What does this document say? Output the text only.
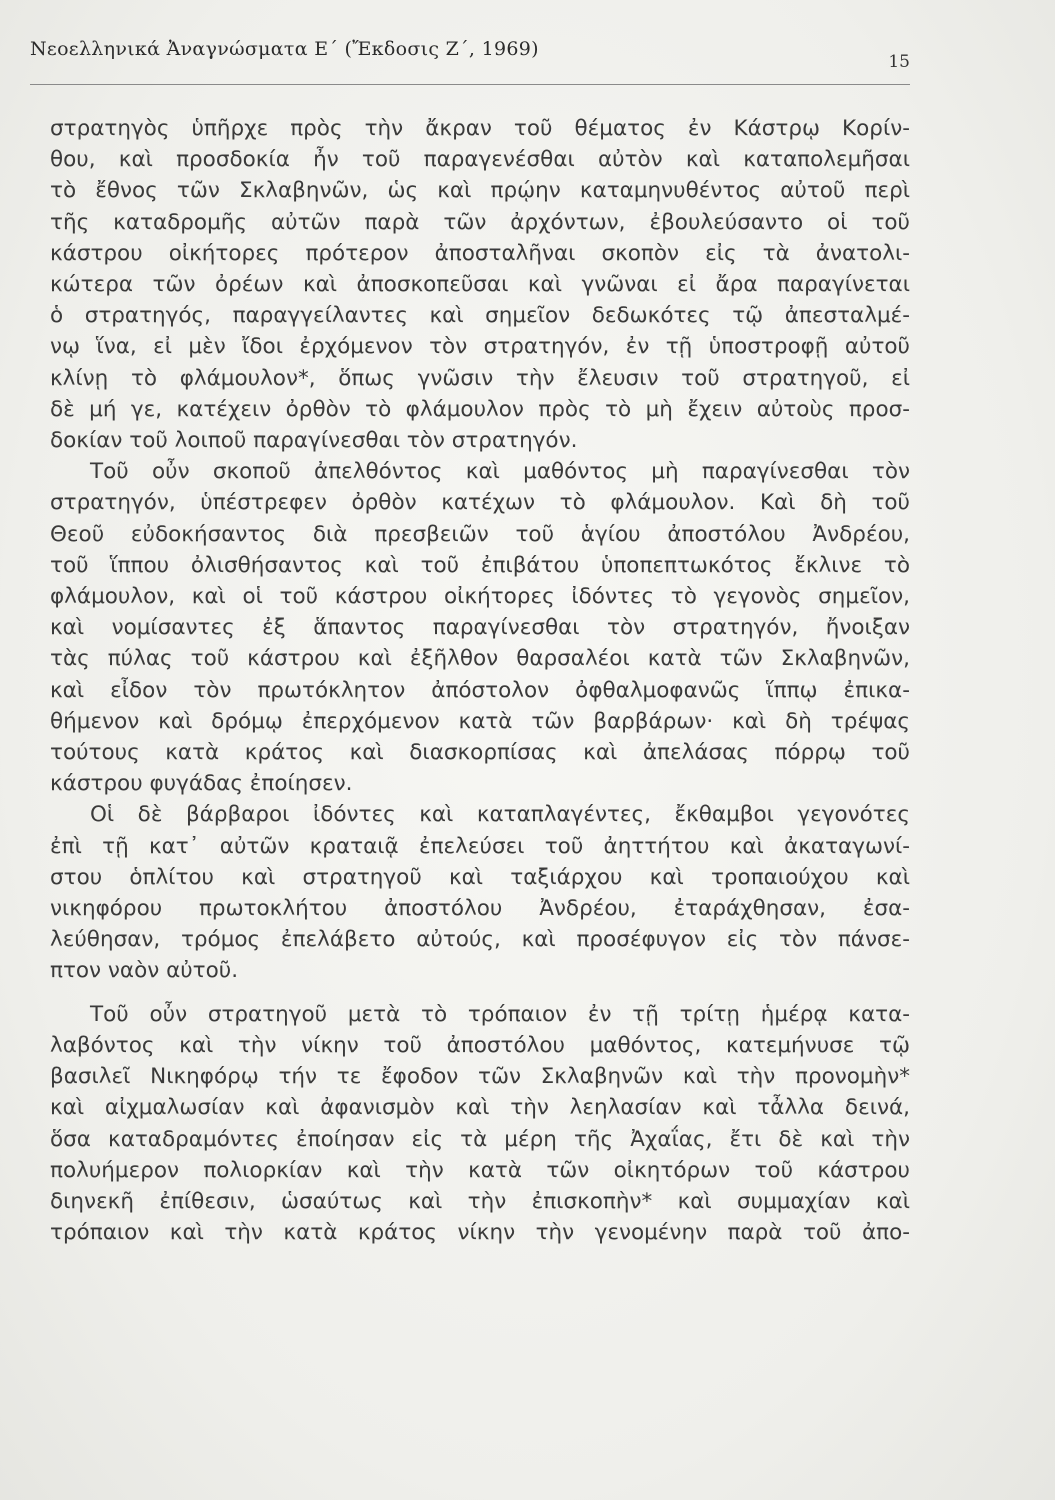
Νεοελληνικά Ἀναγνώσματα Ε΄ (Ἔκδοσις Ζ΄, 1969)
15
στρατηγὸς ὑπῆρχε πρὸς τὴν ἄκραν τοῦ θέματος ἐν Κάστρῳ Κορίν-
θου, καὶ προσδοκία ἦν τοῦ παραγενέσθαι αὐτὸν καὶ καταπολεμῆσαι
τὸ ἔθνος τῶν Σκλαβηνῶν, ὡς καὶ πρῴην καταμηνυθέντος αὐτοῦ περὶ
τῆς καταδρομῆς αὐτῶν παρὰ τῶν ἀρχόντων, ἐβουλεύσαντο οἱ τοῦ
κάστρου οἰκήτορες πρότερον ἀποσταλῆναι σκοπὸν εἰς τὰ ἀνατολι-
κώτερα τῶν ὀρέων καὶ ἀποσκοπεῦσαι καὶ γνῶναι εἰ ἄρα παραγίνεται
ὁ στρατηγός, παραγγείλαντες καὶ σημεῖον δεδωκότες τῷ ἀπεσταλμέ-
νῳ ἵνα, εἰ μὲν ἴδοι ἐρχόμενον τὸν στρατηγόν, ἐν τῇ ὑποστροφῇ αὐτοῦ
κλίνῃ τὸ φλάμουλον*, ὅπως γνῶσιν τὴν ἔλευσιν τοῦ στρατηγοῦ, εἰ
δὲ μή γε, κατέχειν ὀρθὸν τὸ φλάμουλον πρὸς τὸ μὴ ἔχειν αὐτοὺς προσ-
δοκίαν τοῦ λοιποῦ παραγίνεσθαι τὸν στρατηγόν.
Τοῦ οὖν σκοποῦ ἀπελθόντος καὶ μαθόντος μὴ παραγίνεσθαι τὸν
στρατηγόν, ὑπέστρεφεν ὀρθὸν κατέχων τὸ φλάμουλον. Καὶ δὴ τοῦ
Θεοῦ εὐδοκήσαντος διὰ πρεσβειῶν τοῦ ἁγίου ἀποστόλου Ἀνδρέου,
τοῦ ἵππου ὀλισθήσαντος καὶ τοῦ ἐπιβάτου ὑποπεπτωκότος ἔκλινε τὸ
φλάμουλον, καὶ οἱ τοῦ κάστρου οἰκήτορες ἰδόντες τὸ γεγονὸς σημεῖον,
καὶ νομίσαντες ἐξ ἅπαντος παραγίνεσθαι τὸν στρατηγόν, ἤνοιξαν
τὰς πύλας τοῦ κάστρου καὶ ἐξῆλθον θαρσαλέοι κατὰ τῶν Σκλαβηνῶν,
καὶ εἶδον τὸν πρωτόκλητον ἀπόστολον ὀφθαλμοφανῶς ἵππῳ ἐπικα-
θήμενον καὶ δρόμῳ ἐπερχόμενον κατὰ τῶν βαρβάρων· καὶ δὴ τρέψας
τούτους κατὰ κράτος καὶ διασκορπίσας καὶ ἀπελάσας πόρρῳ τοῦ
κάστρου φυγάδας ἐποίησεν.
Οἱ δὲ βάρβαροι ἰδόντες καὶ καταπλαγέντες, ἔκθαμβοι γεγονότες
ἐπὶ τῇ κατ᾿ αὐτῶν κραταιᾷ ἐπελεύσει τοῦ ἀηττήτου καὶ ἀκαταγωνί-
στου ὁπλίτου καὶ στρατηγοῦ καὶ ταξιάρχου καὶ τροπαιούχου καὶ
νικηφόρου πρωτοκλήτου ἀποστόλου Ἀνδρέου, ἐταράχθησαν, ἐσα-
λεύθησαν, τρόμος ἐπελάβετο αὐτούς, καὶ προσέφυγον εἰς τὸν πάνσε-
πτον ναὸν αὐτοῦ.
Τοῦ οὖν στρατηγοῦ μετὰ τὸ τρόπαιον ἐν τῇ τρίτῃ ἡμέρᾳ κατα-
λαβόντος καὶ τὴν νίκην τοῦ ἀποστόλου μαθόντος, κατεμήνυσε τῷ
βασιλεῖ Νικηφόρῳ τήν τε ἔφοδον τῶν Σκλαβηνῶν καὶ τὴν προνομὴν*
καὶ αἰχμαλωσίαν καὶ ἀφανισμὸν καὶ τὴν λεηλασίαν καὶ τἆλλα δεινά,
ὅσα καταδραμόντες ἐποίησαν εἰς τὰ μέρη τῆς Ἀχαΐας, ἔτι δὲ καὶ τὴν
πολυήμερον πολιορκίαν καὶ τὴν κατὰ τῶν οἰκητόρων τοῦ κάστρου
διηνεκῆ ἐπίθεσιν, ὡσαύτως καὶ τὴν ἐπισκοπὴν* καὶ συμμαχίαν καὶ
τρόπαιον καὶ τὴν κατὰ κράτος νίκην τὴν γενομένην παρὰ τοῦ ἀπο-
